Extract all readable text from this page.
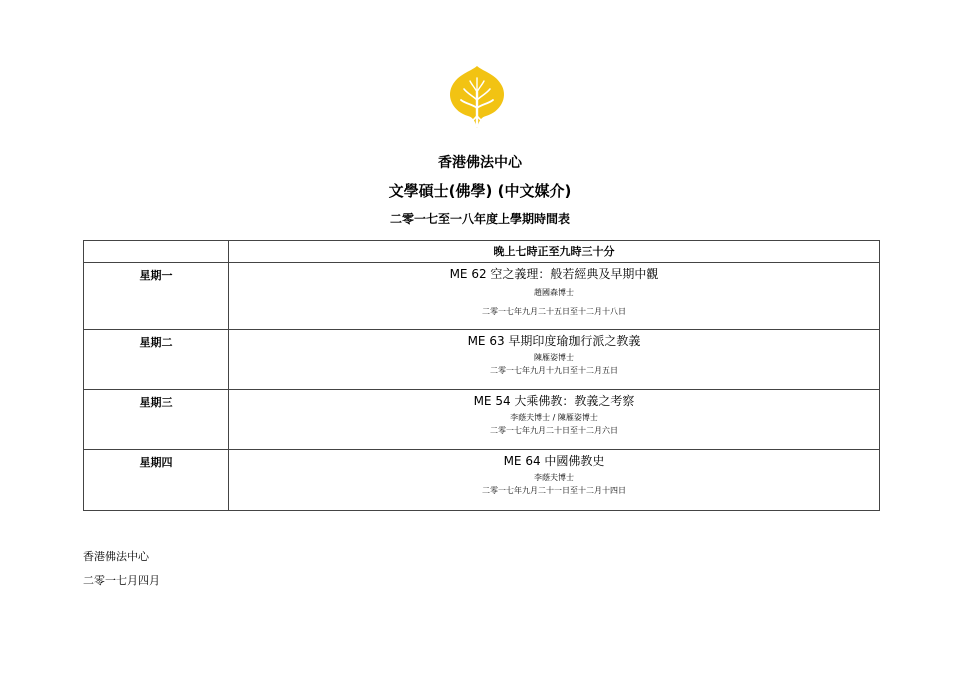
香港佛法中心
文學碩士(佛學) (中文媒介)
二零一七至一八年度上學期時間表
	晚上七時正至九時三十分
星期一	ME 62 空之義理：般若經典及早期中觀
趙國森博士
二零一七年九月二十五日至十二月十八日

星期二	ME 63 早期印度瑜珈行派之教義
陳雁姿博士
二零一七年九月十九日至十二月五日

星期三	ME 54 大乘佛教：教義之考察
李蔭夫博士 / 陳雁姿博士
二零一七年九月二十日至十二月六日

星期四	ME 64 中國佛教史
李蔭夫博士
二零一七年九月二十一日至十二月十四日
香港佛法中心
二零一七月四月
